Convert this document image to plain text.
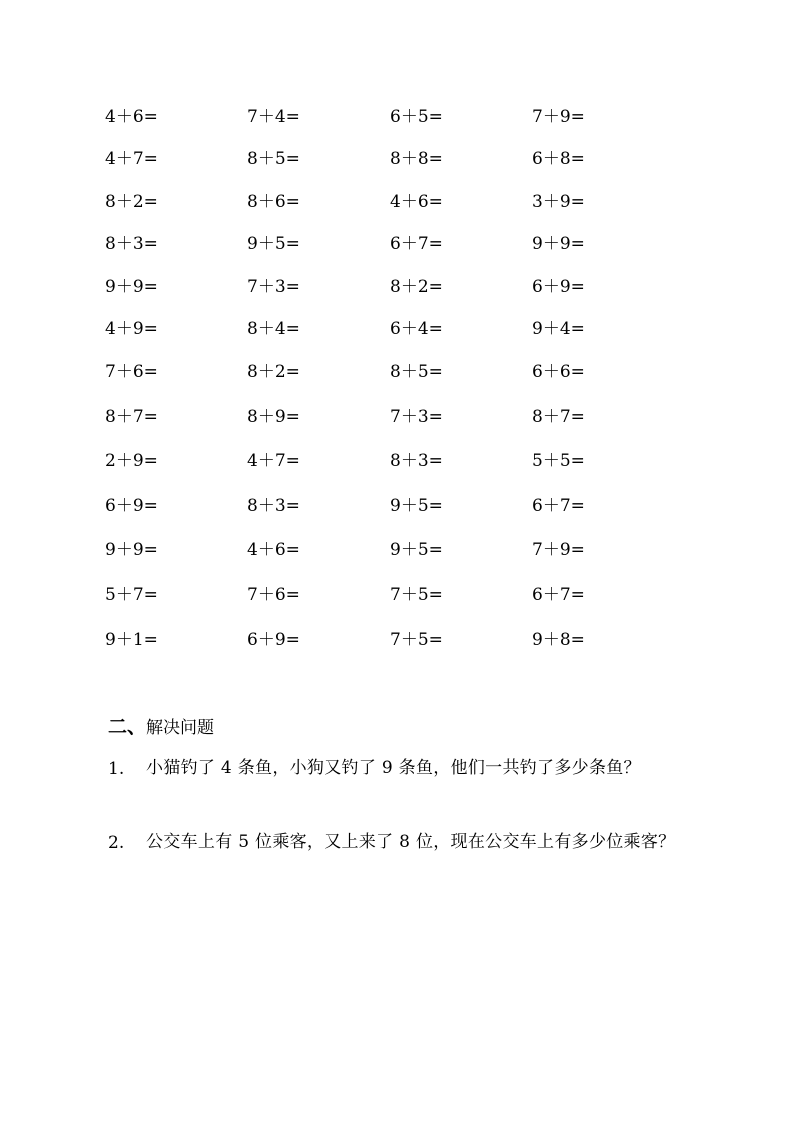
4＋6=	7＋4=	6＋5=	7＋9=
4＋7=	8＋5=	8＋8=	6＋8=
8＋2=	8＋6=	4＋6=	3＋9=
8＋3=	9＋5=	6＋7=	9＋9=
9＋9=	7＋3=	8＋2=	6＋9=
4＋9=	8＋4=	6＋4=	9＋4=
7＋6=	8＋2=	8＋5=	6＋6=
8＋7=	8＋9=	7＋3=	8＋7=
2＋9=	4＋7=	8＋3=	5＋5=
6＋9=	8＋3=	9＋5=	6＋7=
9＋9=	4＋6=	9＋5=	7＋9=
5＋7=	7＋6=	7＋5=	6＋7=
9＋1=	6＋9=	7＋5=	9＋8=
二、解决问题
1. 小猫钓了 4 条鱼，小狗又钓了 9 条鱼，他们一共钓了多少条鱼？
2. 公交车上有 5 位乘客，又上来了 8 位，现在公交车上有多少位乘客？
